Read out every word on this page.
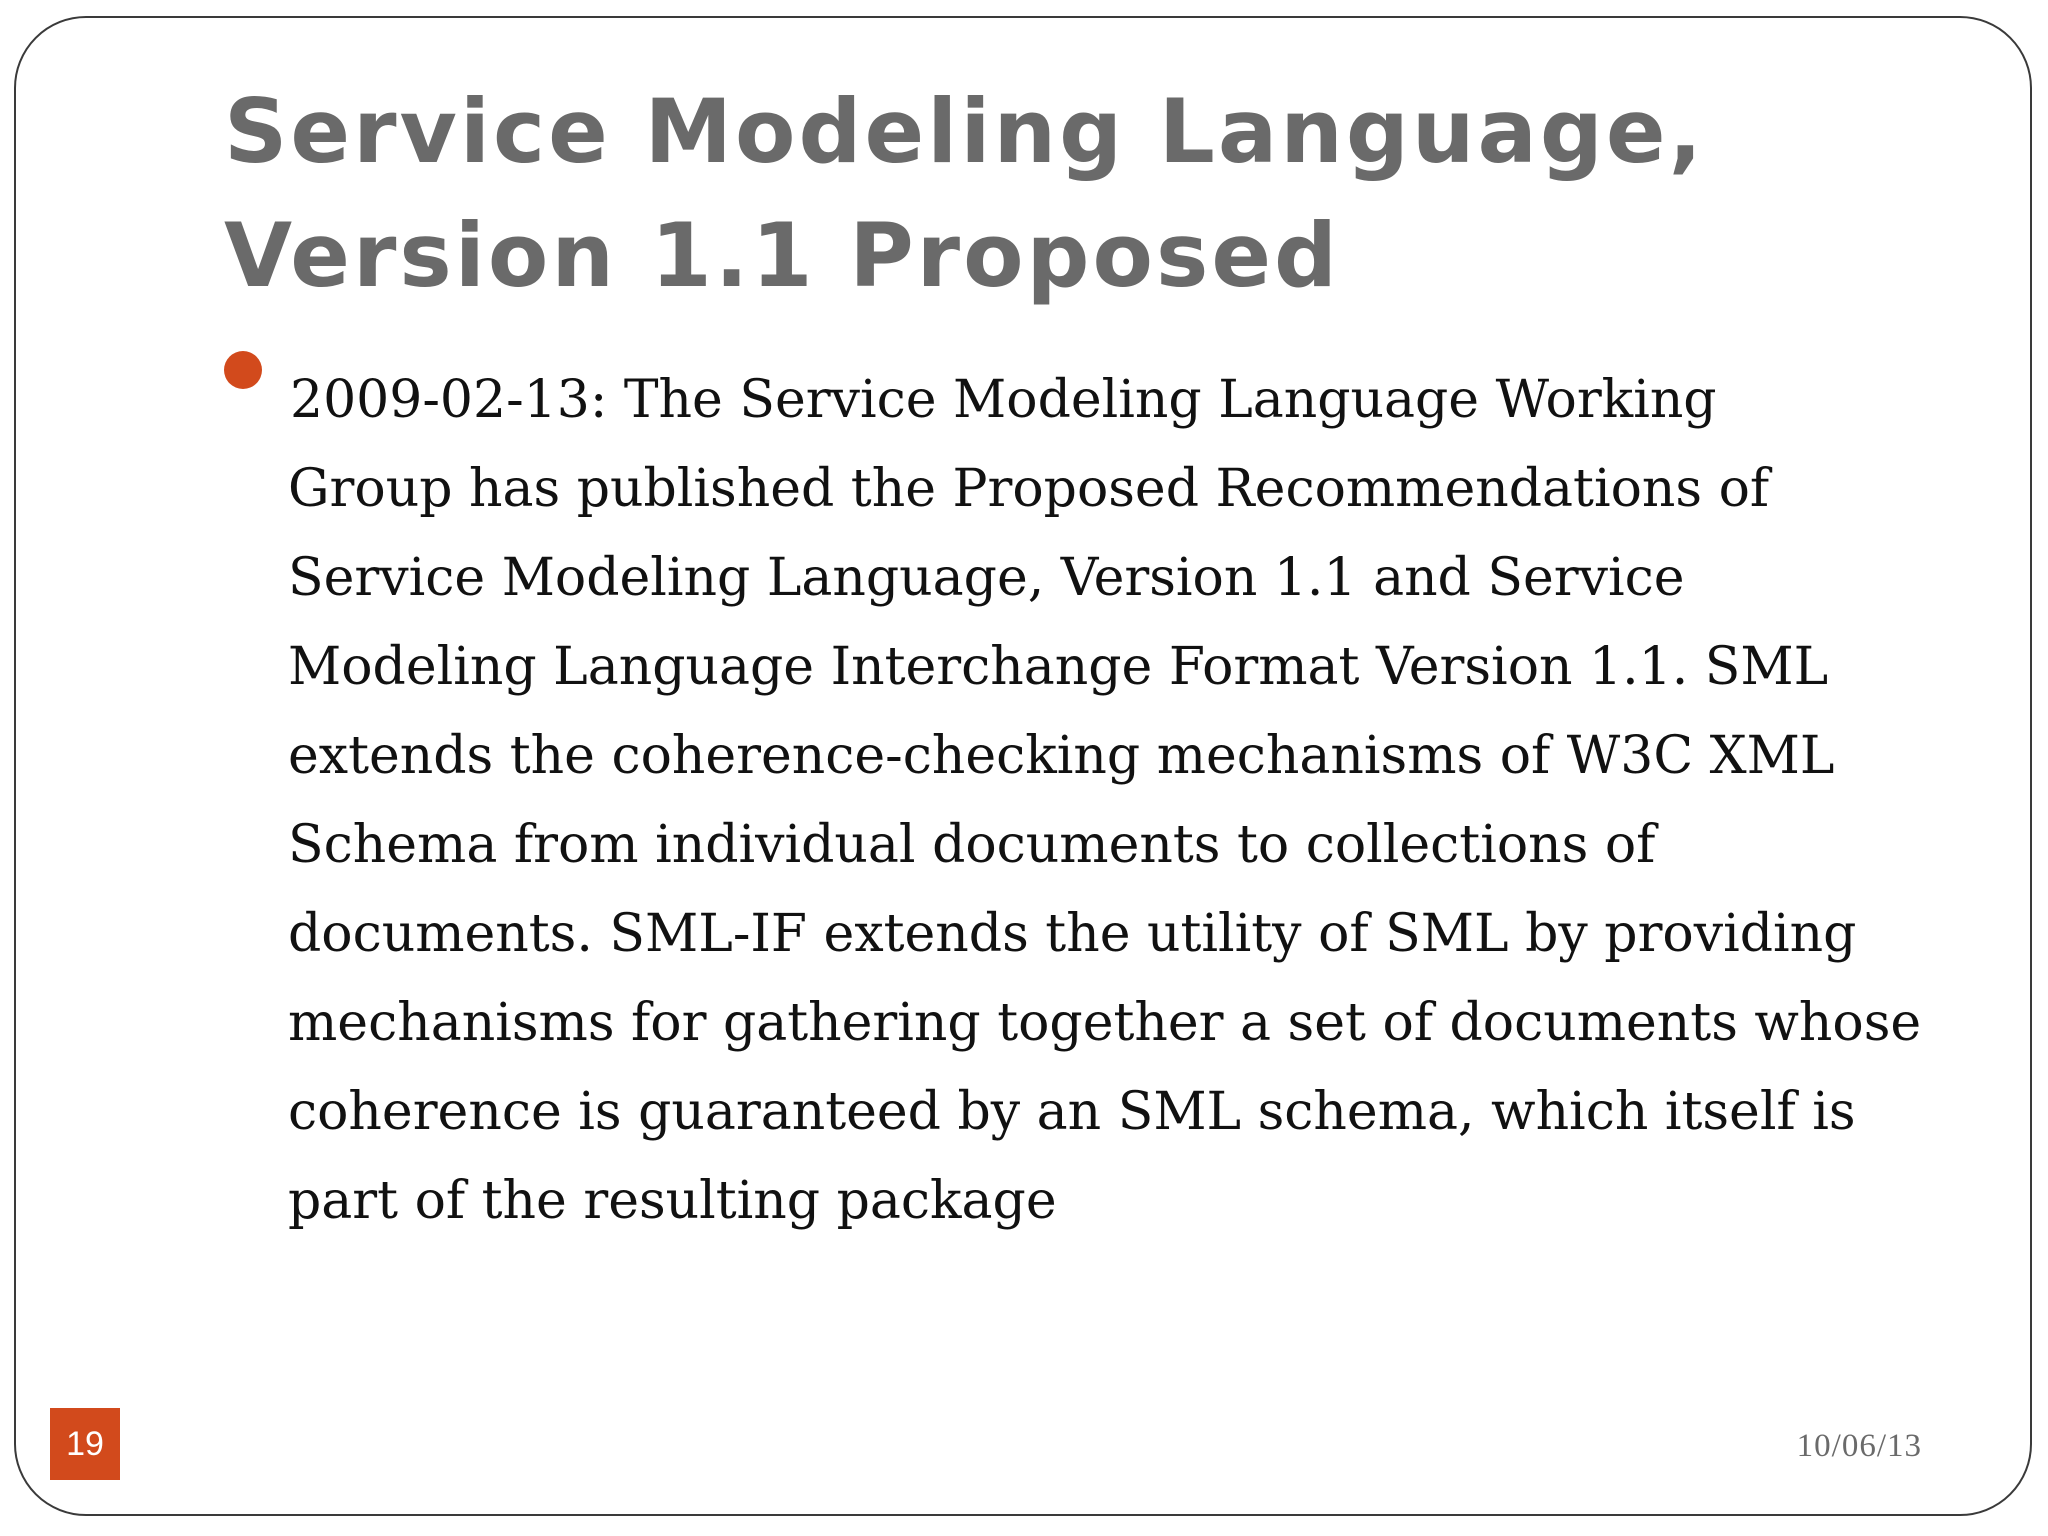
Service Modeling Language,
Version 1.1 Proposed
2009-02-13: The Service Modeling Language Working
Group has published the Proposed Recommendations of
Service Modeling Language, Version 1.1 and Service
Modeling Language Interchange Format Version 1.1. SML
extends the coherence-checking mechanisms of W3C XML
Schema from individual documents to collections of
documents. SML-IF extends the utility of SML by providing
mechanisms for gathering together a set of documents whose
coherence is guaranteed by an SML schema, which itself is
part of the resulting package
19	10/06/13
